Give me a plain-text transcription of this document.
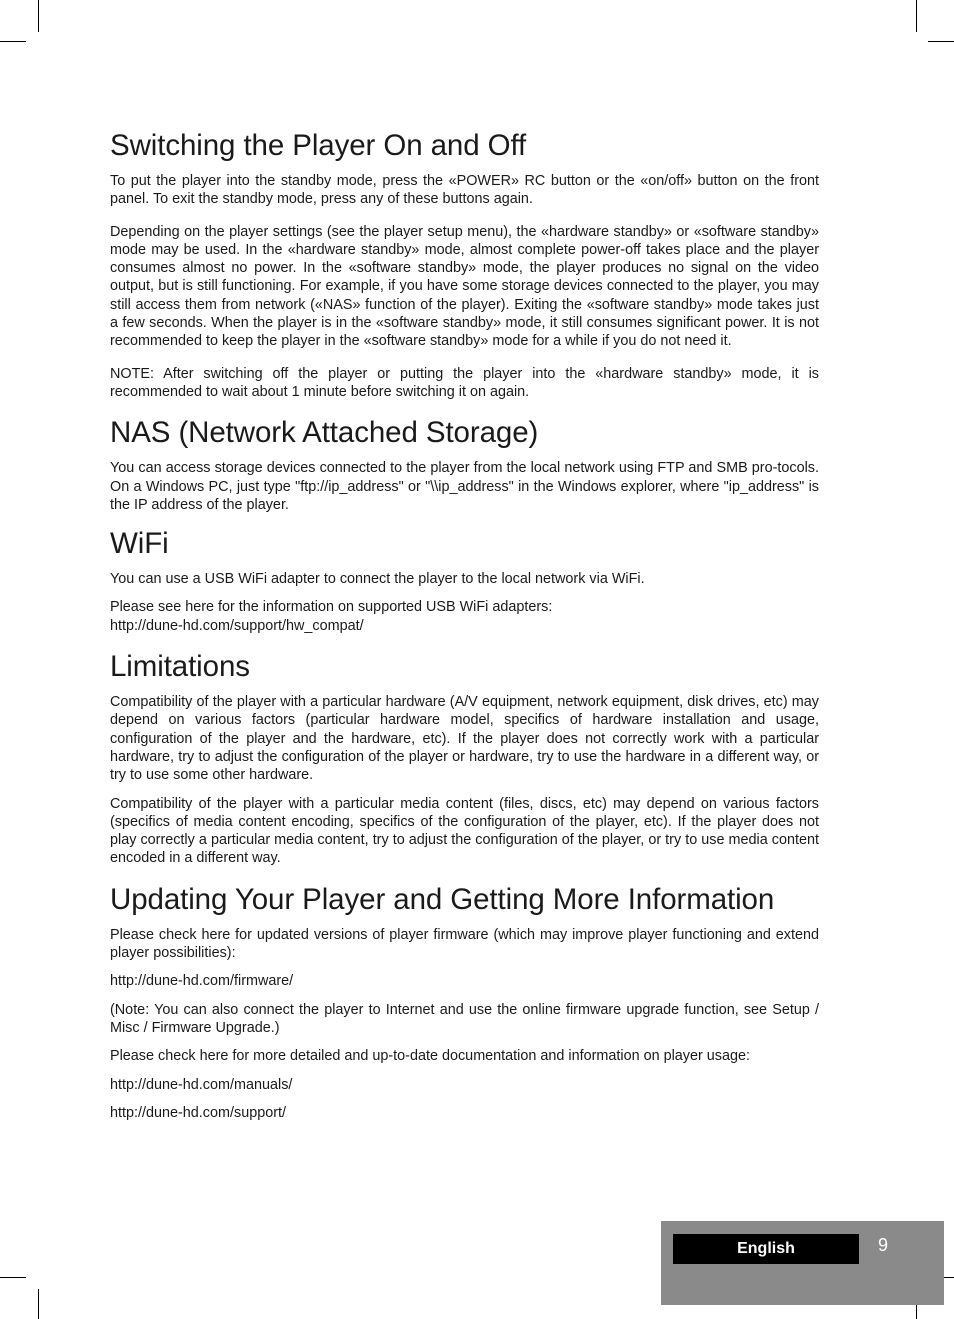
Switching the Player On and Off

To put the player into the standby mode, press the «POWER» RC button or the «on/off» button on the front panel. To exit the standby mode, press any of these buttons again.

Depending on the player settings (see the player setup menu), the «hardware standby» or «software standby» mode may be used. In the «hardware standby» mode, almost complete power-off takes place and the player consumes almost no power. In the «software standby» mode, the player produces no signal on the video output, but is still functioning. For example, if you have some storage devices connected to the player, you may still access them from network («NAS» function of the player). Exiting the «software standby» mode takes just a few seconds. When the player is in the «software standby» mode, it still consumes significant power. It is not recommended to keep the player in the «software standby» mode for a while if you do not need it.

NOTE: After switching off the player or putting the player into the «hardware standby» mode, it is recommended to wait about 1 minute before switching it on again.

NAS (Network Attached Storage)

You can access storage devices connected to the player from the local network using FTP and SMB pro-tocols. On a Windows PC, just type "ftp://ip_address" or "\\ip_address" in the Windows explorer, where "ip_address" is the IP address of the player.

WiFi

You can use a USB WiFi adapter to connect the player to the local network via WiFi.

Please see here for the information on supported USB WiFi adapters:

http://dune-hd.com/support/hw_compat/

Limitations

Compatibility of the player with a particular hardware (A/V equipment, network equipment, disk drives, etc) may depend on various factors (particular hardware model, specifics of hardware installation and usage, configuration of the player and the hardware, etc). If the player does not correctly work with a particular hardware, try to adjust the configuration of the player or hardware, try to use the hardware in a different way, or try to use some other hardware.

Compatibility of the player with a particular media content (files, discs, etc) may depend on various factors (specifics of media content encoding, specifics of the configuration of the player, etc). If the player does not play correctly a particular media content, try to adjust the configuration of the player, or try to use media content encoded in a different way.

Updating Your Player and Getting More Information

Please check here for updated versions of player firmware (which may improve player functioning and extend player possibilities):

http://dune-hd.com/firmware/

(Note: You can also connect the player to Internet and use the online firmware upgrade function, see Setup / Misc / Firmware Upgrade.)

Please check here for more detailed and up-to-date documentation and information on player usage:

http://dune-hd.com/manuals/

http://dune-hd.com/support/

English	9
